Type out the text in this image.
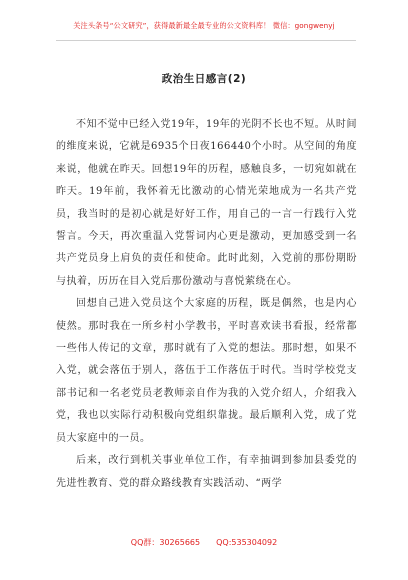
关注头条号“公文研究”，获得最新最全最专业的公文资料库！ 微信：gongwenyj
政治生日感言(2)

不知不觉中已经入党19年，19年的光阴不长也不短。从时间的维度来说，它就是6935个日夜166440个小时。从空间的角度来说，他就在昨天。回想19年的历程，感触良多，一切宛如就在昨天。19年前，我怀着无比激动的心情光荣地成为一名共产党员，我当时的是初心就是好好工作，用自己的一言一行践行入党誓言。今天，再次重温入党誓词内心更是激动，更加感受到一名共产党员身上肩负的责任和使命。此时此刻，入党前的那份期盼与执着，历历在目入党后那份激动与喜悦萦绕在心。

回想自己进入党员这个大家庭的历程，既是偶然，也是内心使然。那时我在一所乡村小学教书，平时喜欢读书看报，经常都一些伟人传记的文章，那时就有了入党的想法。那时想，如果不入党，就会落伍于别人，落伍于工作落伍于时代。当时学校党支部书记和一名老党员老教师亲自作为我的入党介绍人，介绍我入党，我也以实际行动积极向党组织靠拢。最后顺利入党，成了党员大家庭中的一员。

后来，改行到机关事业单位工作，有幸抽调到参加县委党的先进性教育、党的群众路线教育实践活动、“两学

QQ群：30265665 QQ:535304092
